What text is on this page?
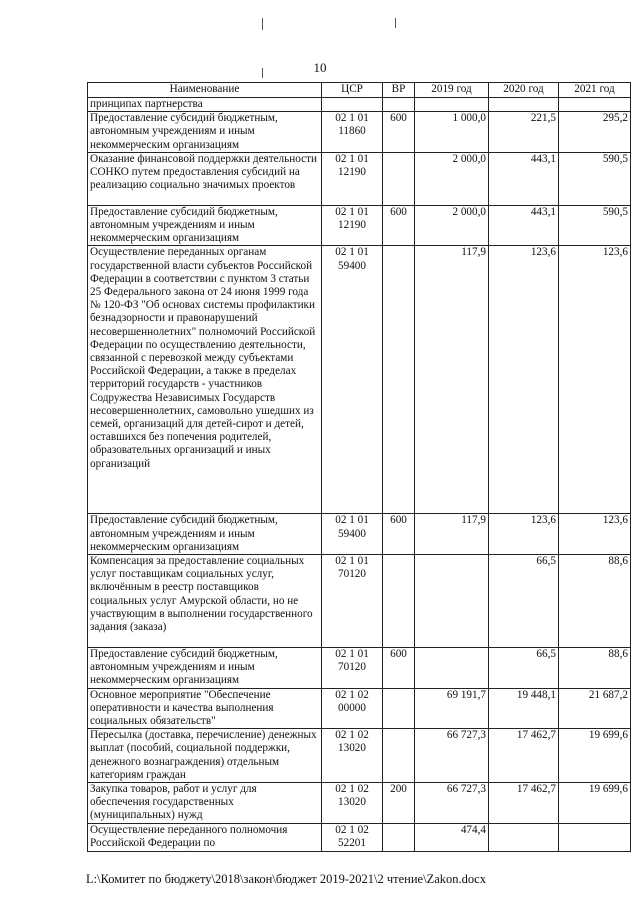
10
Наименование	ЦСР	ВР	2019 год	2020 год	2021 год
принципах партнерства					
Предоставление субсидий бюджетным, автономным учреждениям и иным некоммерческим организациям	02 1 01 11860	600	1 000,0	221,5	295,2
Оказание финансовой поддержки деятельности СОНКО путем предоставления субсидий на реализацию социально значимых проектов	02 1 01 12190		2 000,0	443,1	590,5
Предоставление субсидий бюджетным, автономным учреждениям и иным некоммерческим организациям	02 1 01 12190	600	2 000,0	443,1	590,5
Осуществление переданных органам государственной власти субъектов Российской Федерации в соответствии с пунктом 3 статьи 25 Федерального закона от 24 июня 1999 года № 120-ФЗ "Об основах системы профилактики безнадзорности и правонарушений несовершеннолетних" полномочий Российской Федерации по осуществлению деятельности, связанной с перевозкой между субъектами Российской Федерации, а также в пределах территорий государств - участников Содружества Независимых Государств несовершеннолетних, самовольно ушедших из семей, организаций для детей-сирот и детей, оставшихся без попечения родителей, образовательных организаций и иных организаций	02 1 01 59400		117,9	123,6	123,6
Предоставление субсидий бюджетным, автономным учреждениям и иным некоммерческим организациям	02 1 01 59400	600	117,9	123,6	123,6
Компенсация за предоставление социальных услуг поставщикам социальных услуг, включённым в реестр поставщиков социальных услуг Амурской области, но не участвующим в выполнении государственного задания (заказа)	02 1 01 70120			66,5	88,6
Предоставление субсидий бюджетным, автономным учреждениям и иным некоммерческим организациям	02 1 01 70120	600		66,5	88,6
Основное мероприятие "Обеспечение оперативности и качества выполнения социальных обязательств"	02 1 02 00000		69 191,7	19 448,1	21 687,2
Пересылка (доставка, перечисление) денежных выплат (пособий, социальной поддержки, денежного вознаграждения) отдельным категориям граждан	02 1 02 13020		66 727,3	17 462,7	19 699,6
Закупка товаров, работ и услуг для обеспечения государственных (муниципальных) нужд	02 1 02 13020	200	66 727,3	17 462,7	19 699,6
Осуществление переданного полномочия Российской Федерации по	02 1 02 52201		474,4		
L:\Комитет по бюджету\2018\закон\бюджет 2019-2021\2 чтение\Zakon.docx
